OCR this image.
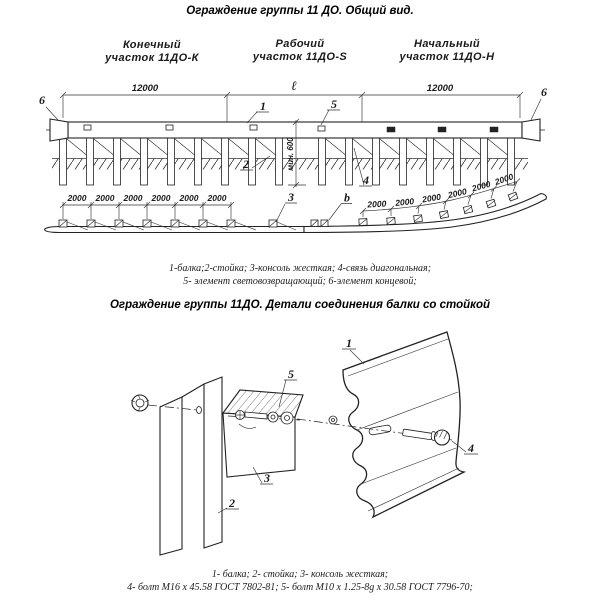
Ограждение группы 11 ДО. Общий вид.
Конечный
участок 11ДО-К
Рабочий
участок 11ДО-S
Начальный
участок 11ДО-Н
12000	ℓ	12000
мин. 600
2000 2000 2000 2000 2000 2000
2000 2000 2000 2000 2000 2000
6	1	5
2
4
6
3	b
1-балка;2-стойка; 3-консоль жесткая; 4-связь диагональная;
5- элемент световозвращающий; 6-элемент концевой;
Ограждение группы 11ДО. Детали соединения балки со стойкой
1
4
5
3
2
1- балка; 2- стойка; 3- консоль жесткая;
4- болт М16 х 45.58 ГОСТ 7802-81; 5- болт М10 х 1.25-8g х 30.58 ГОСТ 7796-70;
